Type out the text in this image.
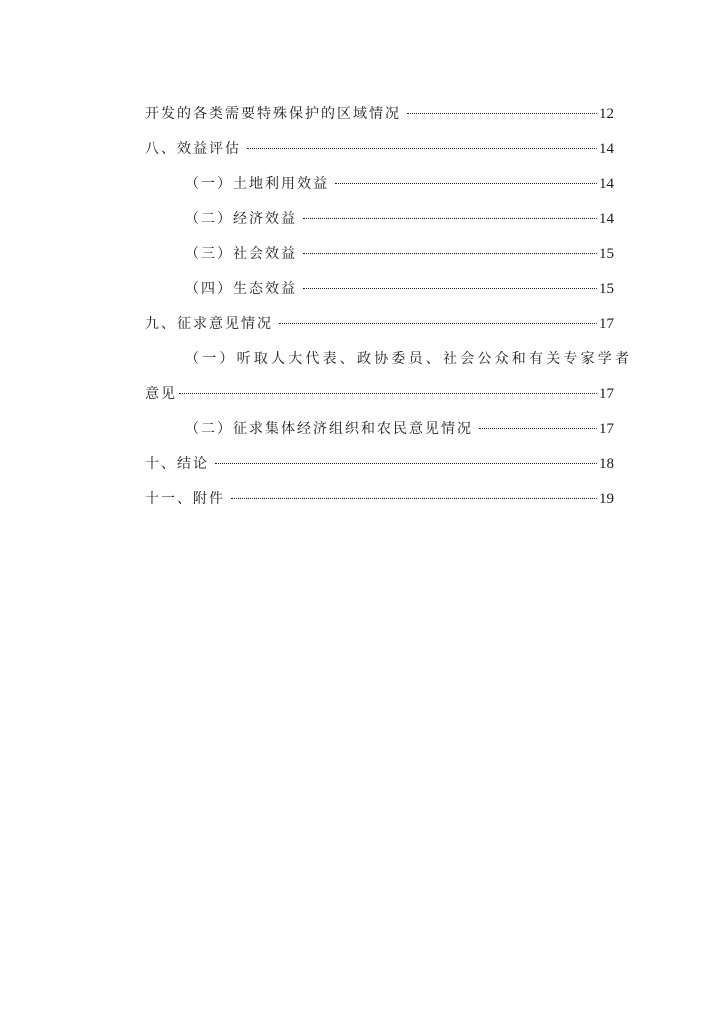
开发的各类需要特殊保护的区域情况	12
八、效益评估	14
（一）土地利用效益	14
（二）经济效益	14
（三）社会效益	15
（四）生态效益	15
九、征求意见情况	17
（一）听取人大代表、政协委员、社会公众和有关专家学者
意见	17
（二）征求集体经济组织和农民意见情况	17
十、结论	18
十一、附件	19
